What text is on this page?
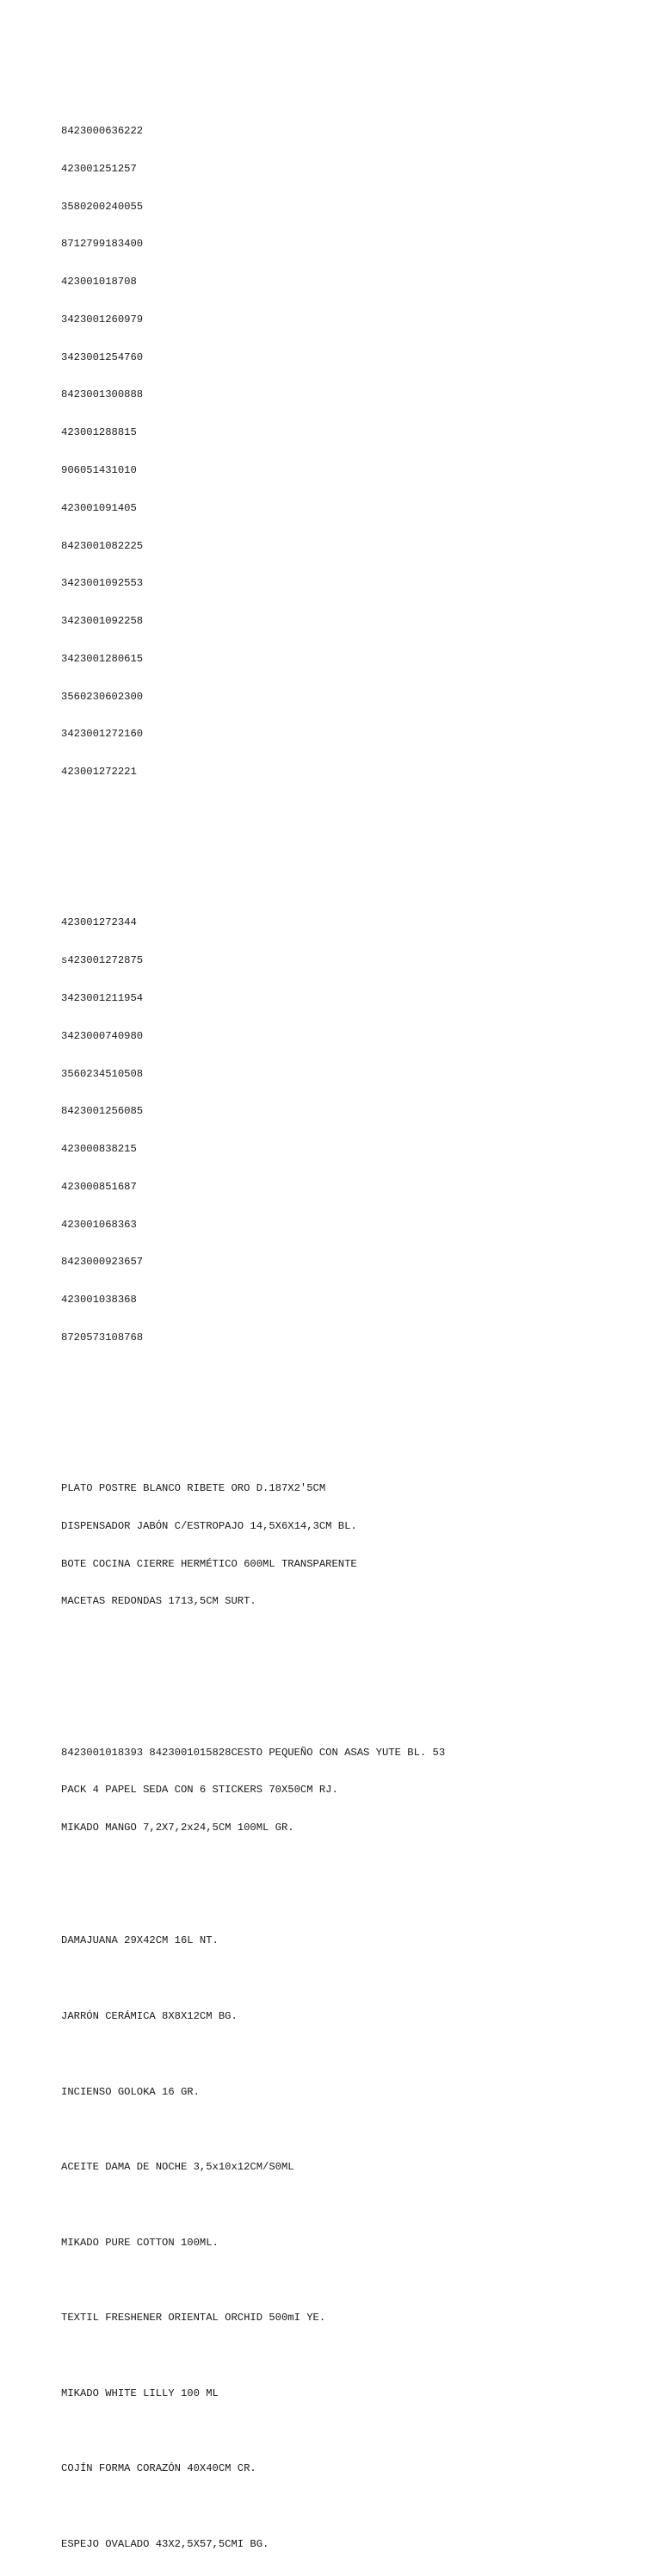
8423000636222

423001251257

3580200240055

8712799183400

423001018708

3423001260979

3423001254760

8423001300888

423001288815

906051431010

423001091405

8423001082225

3423001092553

3423001092258

3423001280615

3560230602300

3423001272160

423001272221

423001272344

s423001272875

3423001211954

3423000740980

3560234510508

8423001256085

423000838215

423000851687

423001068363

8423000923657

423001038368

8720573108768

PLATO POSTRE BLANCO RIBETE ORO D.187X2'5CM

DISPENSADOR JABÓN C/ESTROPAJO 14,5X6X14,3CM BL.

BOTE COCINA CIERRE HERMÉTICO 600ML TRANSPARENTE

MACETAS REDONDAS 1713,5CM SURT.

8423001018393 8423001015828CESTO PEQUEÑO CON ASAS YUTE BL. 53

PACK 4 PAPEL SEDA CON 6 STICKERS 70X50CM RJ.

MIKADO MANGO 7,2X7,2x24,5CM 100ML GR.

DAMAJUANA 29X42CM 16L NT.

JARRÓN CERÁMICA 8X8X12CM BG.

INCIENSO GOLOKA 16 GR.

ACEITE DAMA DE NOCHE 3,5x10x12CM/S0ML

MIKADO PURE COTTON 100ML.

TEXTIL FRESHENER ORIENTAL ORCHID 500mI YE.

MIKADO WHITE LILLY 100 ML

COJÍN FORMA CORAZÓN 40X40CM CR.

ESPEJO OVALADO 43X2,5X57,5CMI BG.
